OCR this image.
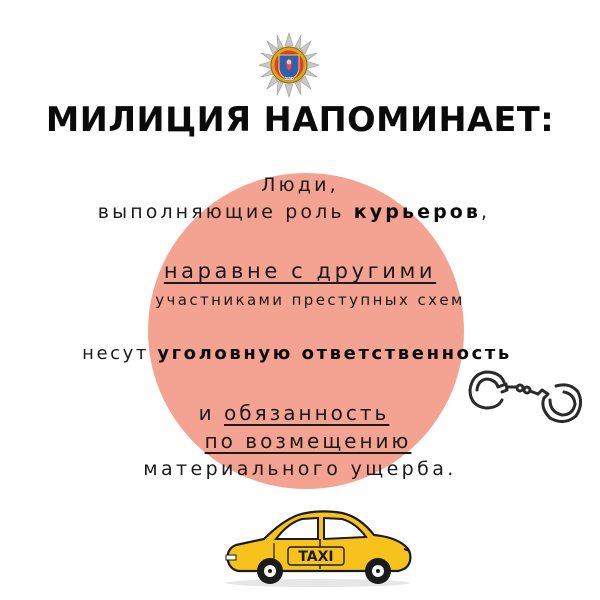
MINSK
МИЛИЦИЯ НАПОМИНАЕТ:
Люди,
выполняющие роль курьеров,
наравне с другими
участниками преступных схем
несут уголовную ответственность
и обязанность
по возмещению
материального ущерба.
TAXI
